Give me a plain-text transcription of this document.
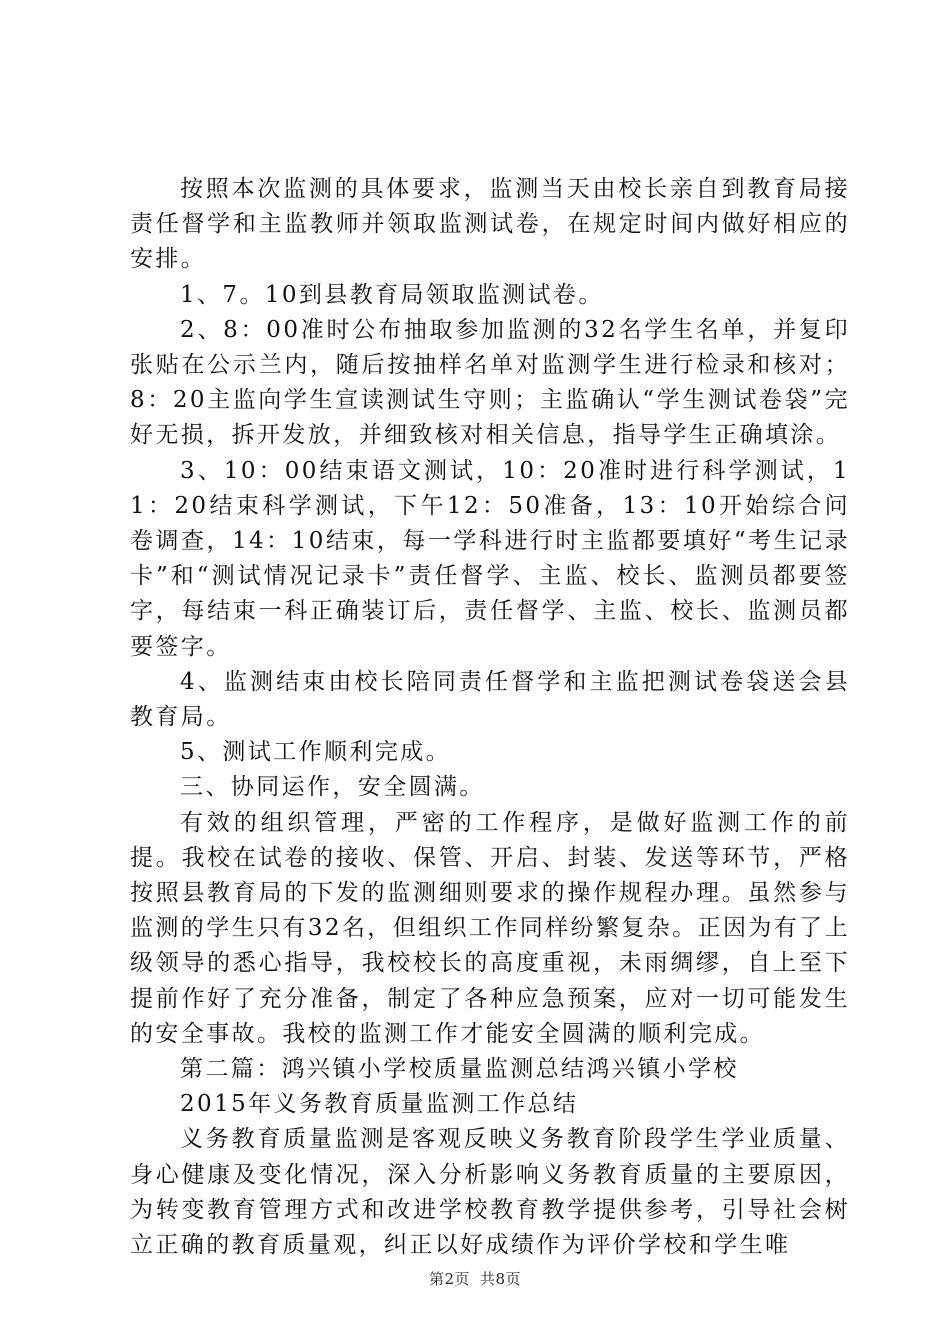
按照本次监测的具体要求，监测当天由校长亲自到教育局接责任督学和主监教师并领取监测试卷，在规定时间内做好相应的安排。

1、7。10到县教育局领取监测试卷。

2、8：00准时公布抽取参加监测的32名学生名单，并复印张贴在公示兰内，随后按抽样名单对监测学生进行检录和核对；8：20主监向学生宣读测试生守则；主监确认“学生测试卷袋”完好无损，拆开发放，并细致核对相关信息，指导学生正确填涂。

3、10：00结束语文测试，10：20准时进行科学测试，11：20结束科学测试，下午12：50准备，13：10开始综合问卷调查，14：10结束，每一学科进行时主监都要填好“考生记录卡”和“测试情况记录卡”责任督学、主监、校长、监测员都要签字，每结束一科正确装订后，责任督学、主监、校长、监测员都要签字。

4、监测结束由校长陪同责任督学和主监把测试卷袋送会县教育局。

5、测试工作顺利完成。

三、协同运作，安全圆满。

有效的组织管理，严密的工作程序，是做好监测工作的前提。我校在试卷的接收、保管、开启、封装、发送等环节，严格按照县教育局的下发的监测细则要求的操作规程办理。虽然参与监测的学生只有32名，但组织工作同样纷繁复杂。正因为有了上级领导的悉心指导，我校校长的高度重视，未雨绸缪，自上至下提前作好了充分准备，制定了各种应急预案，应对一切可能发生的安全事故。我校的监测工作才能安全圆满的顺利完成。

第二篇：鸿兴镇小学校质量监测总结鸿兴镇小学校

2015年义务教育质量监测工作总结

义务教育质量监测是客观反映义务教育阶段学生学业质量、身心健康及变化情况，深入分析影响义务教育质量的主要原因，为转变教育管理方式和改进学校教育教学提供参考，引导社会树立正确的教育质量观，纠正以好成绩作为评价学校和学生唯

第2页 共8页
